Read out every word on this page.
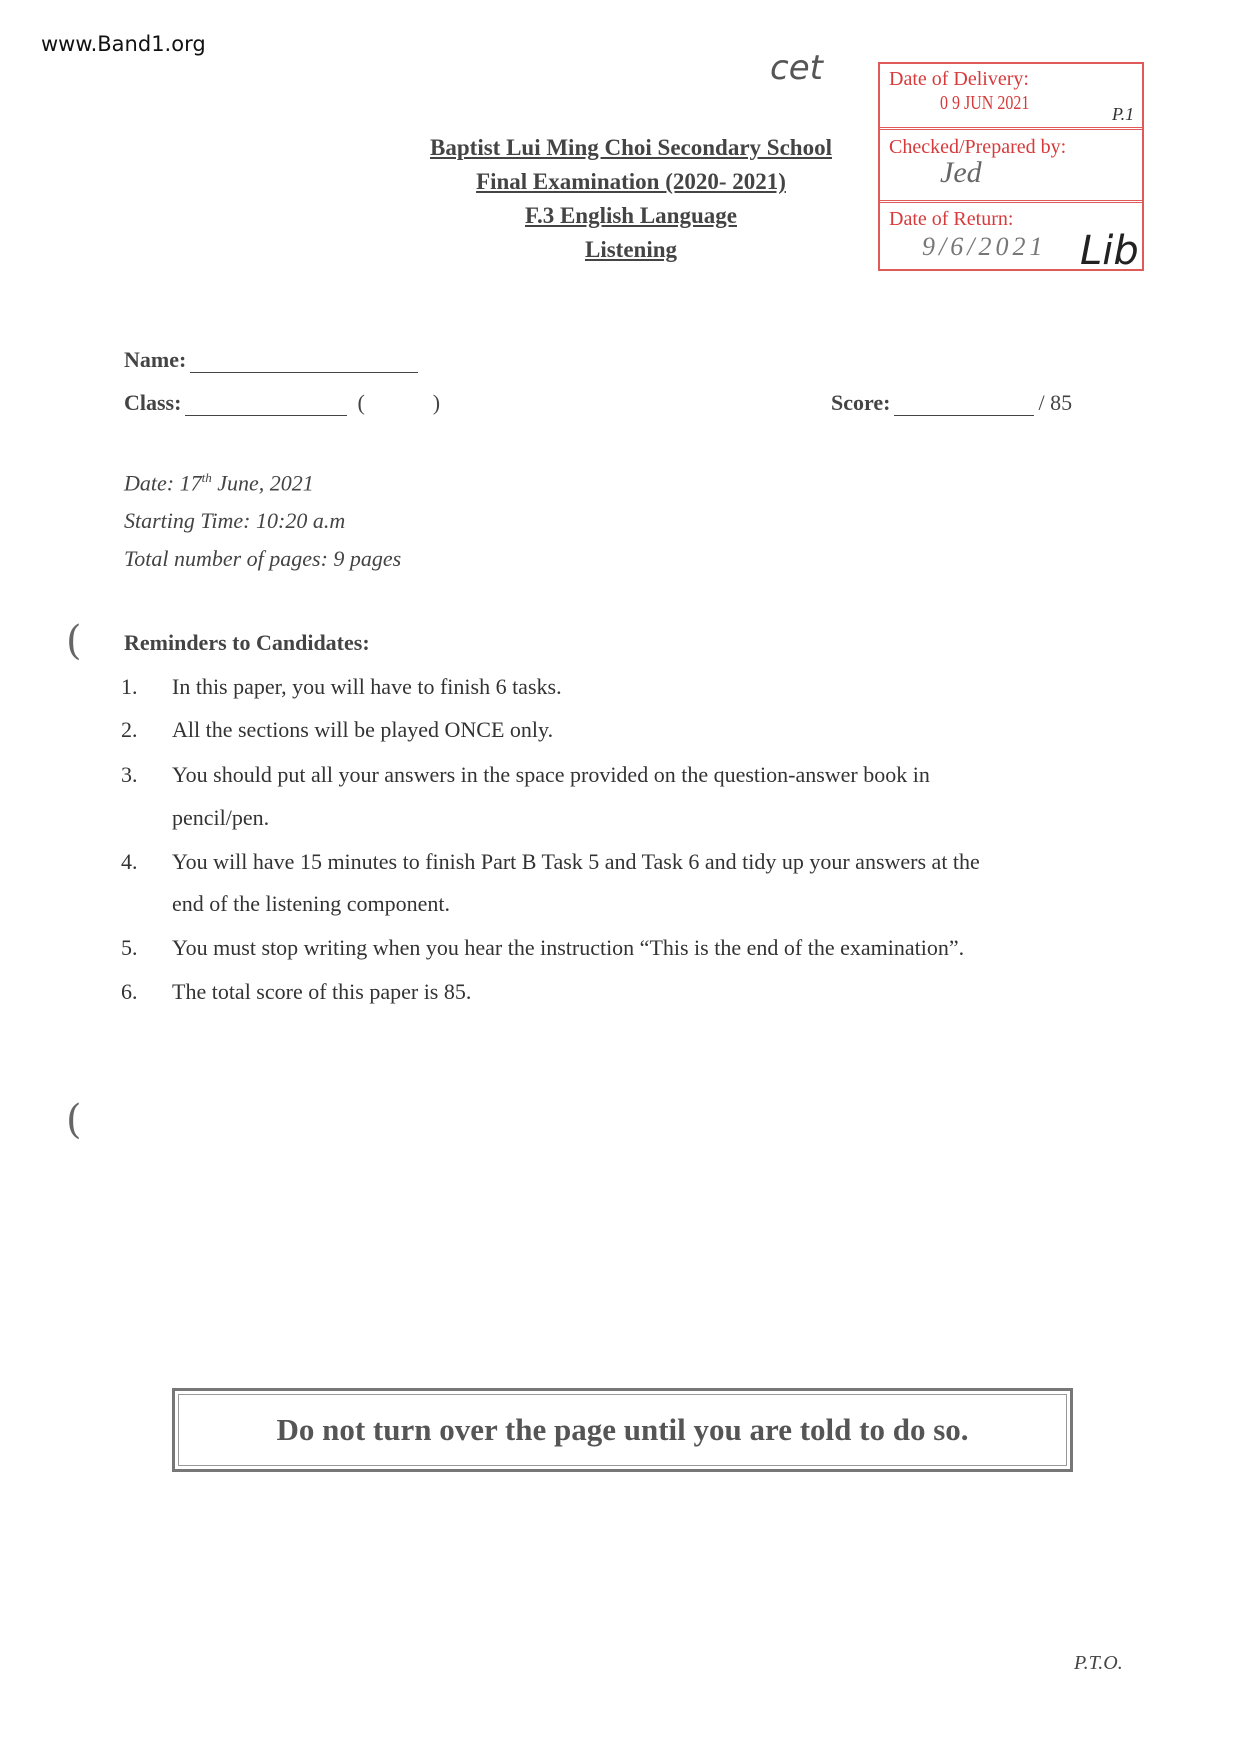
www.Band1.org
cet
Baptist Lui Ming Choi Secondary School
Final Examination (2020- 2021)
F.3 English Language
Listening
Date of Delivery:
0 9 JUN 2021	P.1
Checked/Prepared by:
Jed
Date of Return:
9/6/2021 Lib
Name:
Class:	(	)	Score:	/ 85
Date: 17th June, 2021
Starting Time: 10:20 a.m
Total number of pages: 9 pages
(
(
Reminders to Candidates:
1. In this paper, you will have to finish 6 tasks.
2. All the sections will be played ONCE only.
3. You should put all your answers in the space provided on the question-answer book in
pencil/pen.
4. You will have 15 minutes to finish Part B Task 5 and Task 6 and tidy up your answers at the
end of the listening component.
5. You must stop writing when you hear the instruction “This is the end of the examination”.
6. The total score of this paper is 85.
Do not turn over the page until you are told to do so.
P.T.O.
